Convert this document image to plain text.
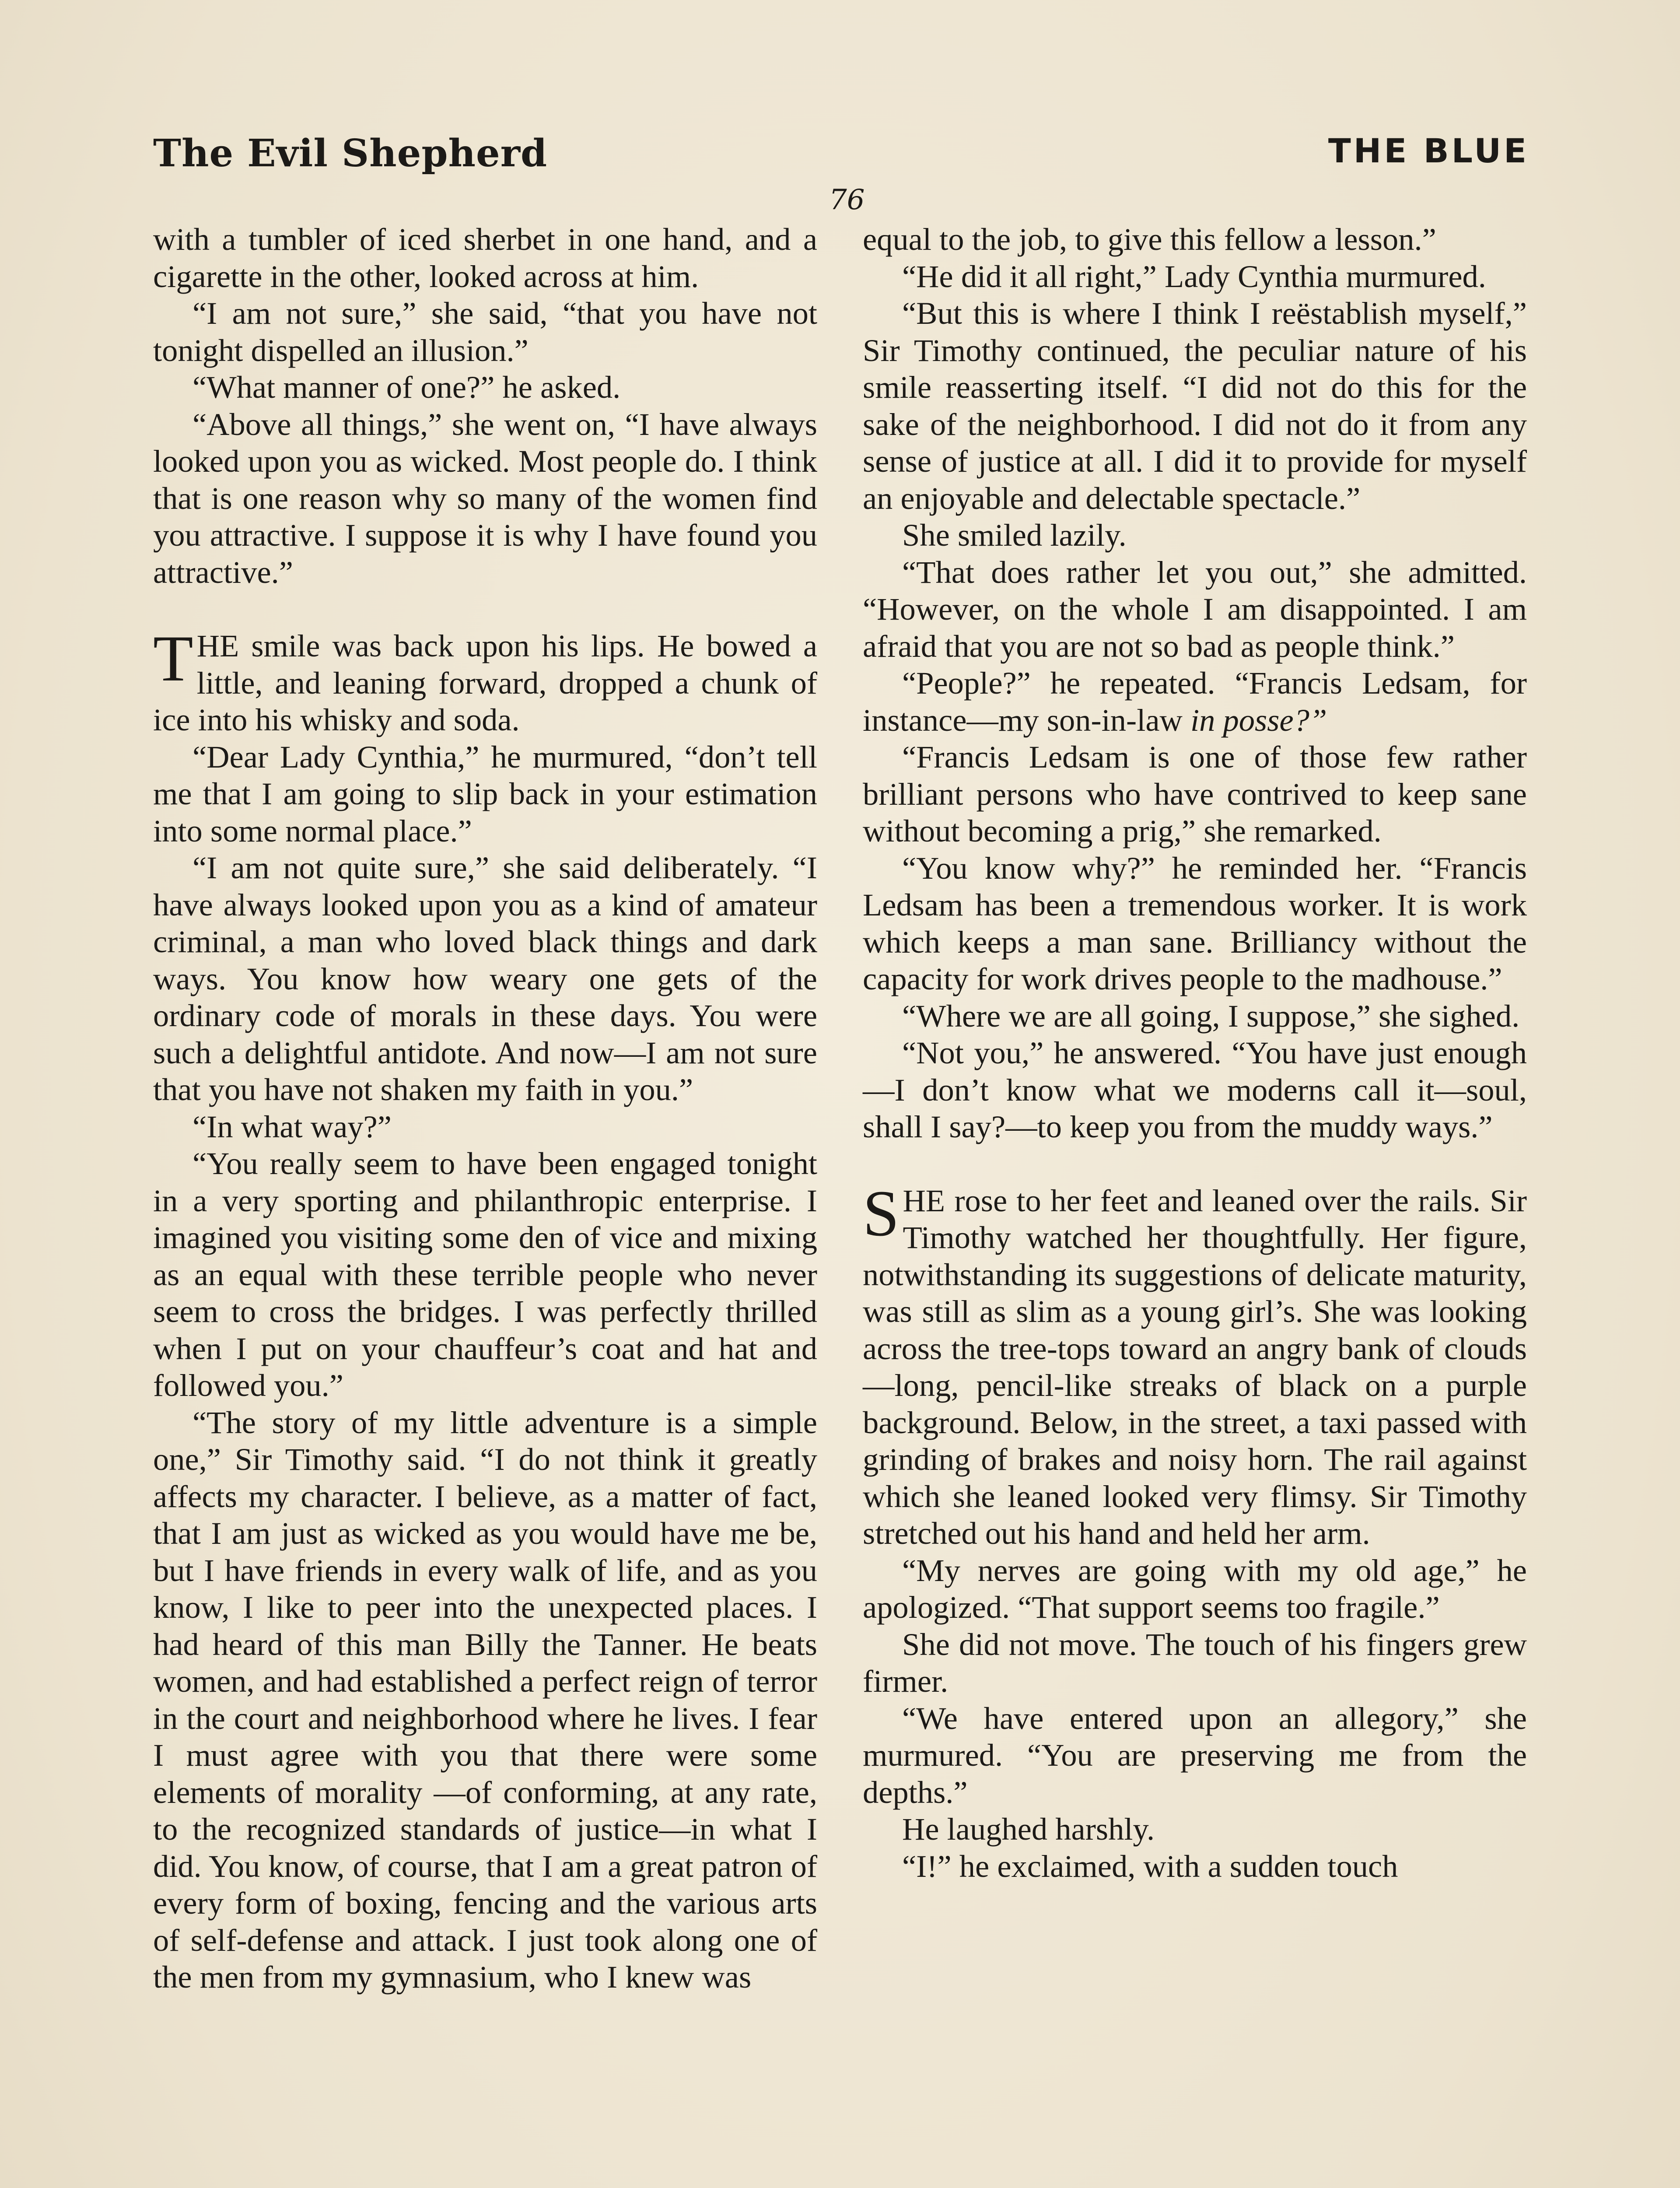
The Evil Shepherd	THE BLUE
76

with a tumbler of iced sherbet in one hand, and a cigarette in the other, looked across at him.

“I am not sure,” she said, “that you have not tonight dispelled an illusion.”

“What manner of one?” he asked.

“Above all things,” she went on, “I have always looked upon you as wicked. Most people do. I think that is one reason why so many of the women find you attractive. I suppose it is why I have found you attractive.”

THE smile was back upon his lips. He bowed a little, and leaning forward, dropped a chunk of ice into his whisky and soda.

“Dear Lady Cynthia,” he murmured, “don’t tell me that I am going to slip back in your estimation into some normal place.”

“I am not quite sure,” she said deliberately. “I have always looked upon you as a kind of amateur criminal, a man who loved black things and dark ways. You know how weary one gets of the ordinary code of morals in these days. You were such a delightful antidote. And now—I am not sure that you have not shaken my faith in you.”

“In what way?”

“You really seem to have been engaged tonight in a very sporting and philanthropic enterprise. I imagined you visiting some den of vice and mixing as an equal with these terrible people who never seem to cross the bridges. I was perfectly thrilled when I put on your chauffeur’s coat and hat and followed you.”

“The story of my little adventure is a simple one,” Sir Timothy said. “I do not think it greatly affects my character. I believe, as a matter of fact, that I am just as wicked as you would have me be, but I have friends in every walk of life, and as you know, I like to peer into the unexpected places. I had heard of this man Billy the Tanner. He beats women, and had established a perfect reign of terror in the court and neighborhood where he lives. I fear I must agree with you that there were some elements of morality —of conforming, at any rate, to the recognized standards of justice—in what I did. You know, of course, that I am a great patron of every form of boxing, fencing and the various arts of self-defense and attack. I just took along one of the men from my gymnasium, who I knew was

equal to the job, to give this fellow a lesson.”

“He did it all right,” Lady Cynthia murmured.

“But this is where I think I reëstablish myself,” Sir Timothy continued, the peculiar nature of his smile reasserting itself. “I did not do this for the sake of the neighborhood. I did not do it from any sense of justice at all. I did it to provide for myself an enjoyable and delectable spectacle.”

She smiled lazily.

“That does rather let you out,” she admitted. “However, on the whole I am disappointed. I am afraid that you are not so bad as people think.”

“People?” he repeated. “Francis Ledsam, for instance—my son-in-law in posse?”

“Francis Ledsam is one of those few rather brilliant persons who have contrived to keep sane without becoming a prig,” she remarked.

“You know why?” he reminded her. “Francis Ledsam has been a tremendous worker. It is work which keeps a man sane. Brilliancy without the capacity for work drives people to the madhouse.”

“Where we are all going, I suppose,” she sighed.

“Not you,” he answered. “You have just enough—I don’t know what we moderns call it—soul, shall I say?—to keep you from the muddy ways.”

SHE rose to her feet and leaned over the rails. Sir Timothy watched her thoughtfully. Her figure, notwithstanding its suggestions of delicate maturity, was still as slim as a young girl’s. She was looking across the tree-tops toward an angry bank of clouds—long, pencil-like streaks of black on a purple background. Below, in the street, a taxi passed with grinding of brakes and noisy horn. The rail against which she leaned looked very flimsy. Sir Timothy stretched out his hand and held her arm.

“My nerves are going with my old age,” he apologized. “That support seems too fragile.”

She did not move. The touch of his fingers grew firmer.

“We have entered upon an allegory,” she murmured. “You are preserving me from the depths.”

He laughed harshly.

“I!” he exclaimed, with a sudden touch
